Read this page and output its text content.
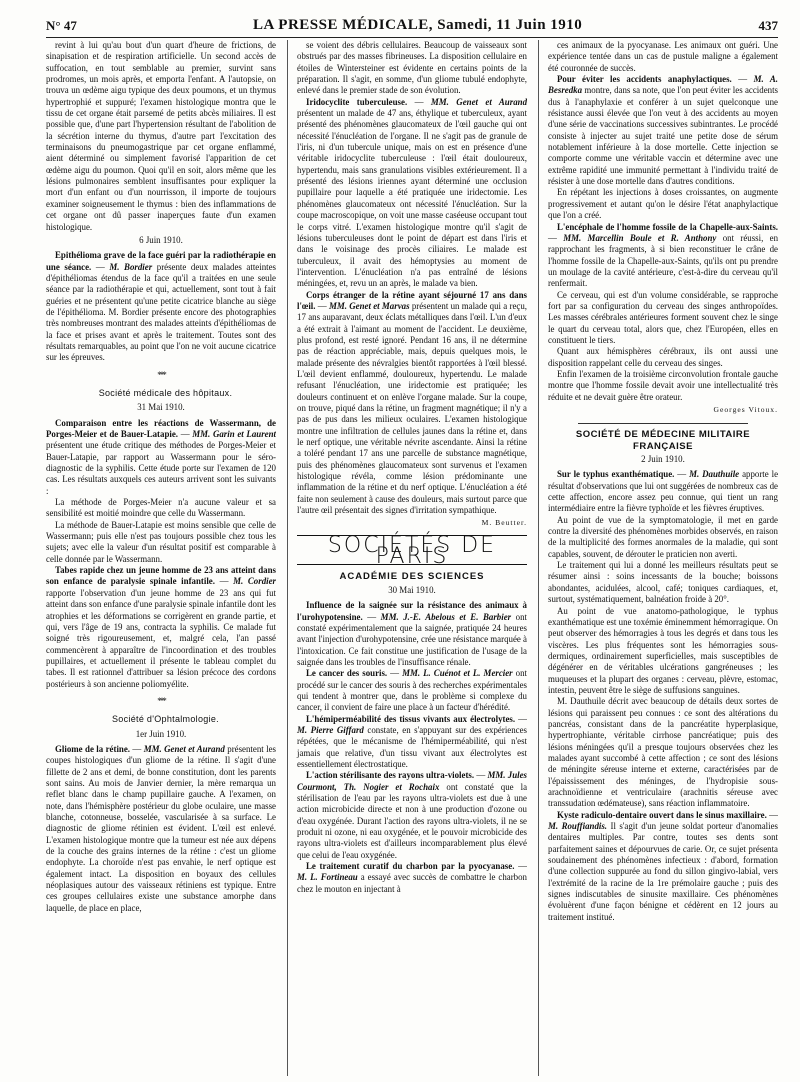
N° 47	LA PRESSE MÉDICALE, Samedi, 11 Juin 1910	437

revint à lui qu'au bout d'un quart d'heure de frictions, de sinapisation et de respiration artificielle. Un second accès de suffocation, en tout semblable au premier, survint sans prodromes, un mois après, et emporta l'enfant. A l'autopsie, on trouva un œdème aigu typique des deux poumons, et un thymus hypertrophié et suppuré; l'examen histologique montra que le tissu de cet organe était parsemé de petits abcès miliaires. Il est possible que, d'une part l'hypertension résultant de l'abolition de la sécrétion interne du thymus, d'autre part l'excitation des terminaisons du pneumogastrique par cet organe enflammé, aient déterminé ou simplement favorisé l'apparition de cet œdème aigu du poumon. Quoi qu'il en soit, alors même que les lésions pulmonaires semblent insuffisantes pour expliquer la mort d'un enfant ou d'un nourrisson, il importe de toujours examiner soigneusement le thymus : bien des inflammations de cet organe ont dû passer inaperçues faute d'un examen histologique.

6 Juin 1910.

Epithélioma grave de la face guéri par la radiothérapie en une séance. — M. Bordier présente deux malades atteintes d'épithéliomas étendus de la face qu'il a traitées en une seule séance par la radiothérapie et qui, actuellement, sont tout à fait guéries et ne présentent qu'une petite cicatrice blanche au siège de l'épithélioma. M. Bordier présente encore des photographies très nombreuses montrant des malades atteints d'épithéliomas de la face et prises avant et après le traitement. Toutes sont des résultats remarquables, au point que l'on ne voit aucune cicatrice sur les épreuves.

***

Société médicale des hôpitaux.

31 Mai 1910.

Comparaison entre les réactions de Wassermann, de Porges-Meier et de Bauer-Latapie. — MM. Garin et Laurent présentent une étude critique des méthodes de Porges-Meier et Bauer-Latapie, par rapport au Wassermann pour le séro-diagnostic de la syphilis. Cette étude porte sur l'examen de 120 cas. Les résultats auxquels ces auteurs arrivent sont les suivants :

La méthode de Porges-Meier n'a aucune valeur et sa sensibilité est moitié moindre que celle du Wassermann.

La méthode de Bauer-Latapie est moins sensible que celle de Wassermann; puis elle n'est pas toujours possible chez tous les sujets; avec elle la valeur d'un résultat positif est comparable à celle donnée par le Wassermann.

Tabes rapide chez un jeune homme de 23 ans atteint dans son enfance de paralysie spinale infantile. — M. Cordier rapporte l'observation d'un jeune homme de 23 ans qui fut atteint dans son enfance d'une paralysie spinale infantile dont les atrophies et les déformations se corrigèrent en grande partie, et qui, vers l'âge de 19 ans, contracta la syphilis. Ce malade fut soigné très rigoureusement, et, malgré cela, l'an passé commencèrent à apparaître de l'incoordination et des troubles pupillaires, et actuellement il présente le tableau complet du tabes. Il est rationnel d'attribuer sa lésion précoce des cordons postérieurs à son ancienne poliomyélite.

***

Société d'Ophtalmologie.

1er Juin 1910.

Gliome de la rétine. — MM. Genet et Aurand présentent les coupes histologiques d'un gliome de la rétine. Il s'agit d'une fillette de 2 ans et demi, de bonne constitution, dont les parents sont sains. Au mois de Janvier dernier, la mère remarqua un reflet blanc dans le champ pupillaire gauche. A l'examen, on note, dans l'hémisphère postérieur du globe oculaire, une masse blanche, cotonneuse, bosselée, vascularisée à sa surface. Le diagnostic de gliome rétinien est évident. L'œil est enlevé. L'examen histologique montre que la tumeur est née aux dépens de la couche des grains internes de la rétine : c'est un gliome endophyte. La choroïde n'est pas envahie, le nerf optique est également intact. La disposition en boyaux des cellules néoplasiques autour des vaisseaux rétiniens est typique. Entre ces groupes cellulaires existe une substance amorphe dans laquelle, de place en place,

se voient des débris cellulaires. Beaucoup de vaisseaux sont obstrués par des masses fibrineuses. La disposition cellulaire en étoiles de Wintersteiner est évidente en certains points de la préparation. Il s'agit, en somme, d'un gliome tubulé endophyte, enlevé dans le premier stade de son évolution.

Iridocyclite tuberculeuse. — MM. Genet et Aurand présentent un malade de 47 ans, éthylique et tuberculeux, ayant présenté des phénomènes glaucomateux de l'œil gauche qui ont nécessité l'énucléation de l'organe. Il ne s'agit pas de granule de l'iris, ni d'un tubercule unique, mais on est en présence d'une véritable iridocyclite tuberculeuse : l'œil était douloureux, hypertendu, mais sans granulations visibles extérieurement. Il a présenté des lésions iriennes ayant déterminé une occlusion pupillaire pour laquelle a été pratiquée une iridectomie. Les phénomènes glaucomateux ont nécessité l'énucléation. Sur la coupe macroscopique, on voit une masse caséeuse occupant tout le corps vitré. L'examen histologique montre qu'il s'agit de lésions tuberculeuses dont le point de départ est dans l'iris et dans le voisinage des procès ciliaires. Le malade est tuberculeux, il avait des hémoptysies au moment de l'intervention. L'énucléation n'a pas entraîné de lésions méningées, et, revu un an après, le malade va bien.

Corps étranger de la rétine ayant séjourné 17 ans dans l'œil. — MM. Genet et Marvas présentent un malade qui a reçu, 17 ans auparavant, deux éclats métalliques dans l'œil. L'un d'eux a été extrait à l'aimant au moment de l'accident. Le deuxième, plus profond, est resté ignoré. Pendant 16 ans, il ne détermine pas de réaction appréciable, mais, depuis quelques mois, le malade présente des névralgies bientôt rapportées à l'œil blessé. L'œil devient enflammé, douloureux, hypertendu. Le malade refusant l'énucléation, une iridectomie est pratiquée; les douleurs continuent et on enlève l'organe malade. Sur la coupe, on trouve, piqué dans la rétine, un fragment magnétique; il n'y a pas de pus dans les milieux oculaires. L'examen histologique montre une infiltration de cellules jaunes dans la rétine et, dans le nerf optique, une véritable névrite ascendante. Ainsi la rétine a toléré pendant 17 ans une parcelle de substance magnétique, puis des phénomènes glaucomateux sont survenus et l'examen histologique révéla, comme lésion prédominante une inflammation de la rétine et du nerf optique. L'énucléation a été faite non seulement à cause des douleurs, mais surtout parce que l'autre œil présentait des signes d'irritation sympathique.

M. Beutter.
SOCIÉTÉS DE PARIS
ACADÉMIE DES SCIENCES

30 Mai 1910.

Influence de la saignée sur la résistance des animaux à l'urohypotensine. — MM. J.-E. Abelous et E. Barbier ont constaté expérimentalement que la saignée, pratiquée 24 heures avant l'injection d'urohypotensine, crée une résistance marquée à l'intoxication. Ce fait constitue une justification de l'usage de la saignée dans les troubles de l'insuffisance rénale.

Le cancer des souris. — MM. L. Cuénot et L. Mercier ont procédé sur le cancer des souris à des recherches expérimentales qui tendent à montrer que, dans le problème si complexe du cancer, il convient de faire une place à un facteur d'hérédité.

L'hémiperméabilité des tissus vivants aux électrolytes. — M. Pierre Giffard constate, en s'appuyant sur des expériences répétées, que le mécanisme de l'hémiperméabilité, qui n'est jamais que relative, d'un tissu vivant aux électrolytes est essentiellement électrostatique.

L'action stérilisante des rayons ultra-violets. — MM. Jules Courmont, Th. Nogier et Rochaix ont constaté que la stérilisation de l'eau par les rayons ultra-violets est due à une action microbicide directe et non à une production d'ozone ou d'eau oxygénée. Durant l'action des rayons ultra-violets, il ne se produit ni ozone, ni eau oxygénée, et le pouvoir microbicide des rayons ultra-violets est d'ailleurs incomparablement plus élevé que celui de l'eau oxygénée.

Le traitement curatif du charbon par la pyocyanase. — M. L. Fortineau a essayé avec succès de combattre le charbon chez le mouton en injectant à

ces animaux de la pyocyanase. Les animaux ont guéri. Une expérience tentée dans un cas de pustule maligne a également été couronnée de succès.

Pour éviter les accidents anaphylactiques. — M. A. Besredka montre, dans sa note, que l'on peut éviter les accidents dus à l'anaphylaxie et conférer à un sujet quelconque une résistance aussi élevée que l'on veut à des accidents au moyen d'une série de vaccinations successives subintrantes. Le procédé consiste à injecter au sujet traité une petite dose de sérum notablement inférieure à la dose mortelle. Cette injection se comporte comme une véritable vaccin et détermine avec une extrême rapidité une immunité permettant à l'individu traité de résister à une dose mortelle dans d'autres conditions.

En répétant les injections à doses croissantes, on augmente progressivement et autant qu'on le désire l'état anaphylactique que l'on a créé.

L'encéphale de l'homme fossile de la Chapelle-aux-Saints. — MM. Marcellin Boule et R. Anthony ont réussi, en rapprochant les fragments, à si bien reconstituer le crâne de l'homme fossile de la Chapelle-aux-Saints, qu'ils ont pu prendre un moulage de la cavité antérieure, c'est-à-dire du cerveau qu'il renfermait.

Ce cerveau, qui est d'un volume considérable, se rapproche fort par sa configuration du cerveau des singes anthropoïdes. Les masses cérébrales antérieures forment souvent chez le singe le quart du cerveau total, alors que, chez l'Européen, elles en constituent le tiers.

Quant aux hémisphères cérébraux, ils ont aussi une disposition rappelant celle du cerveau des singes.

Enfin l'examen de la troisième circonvolution frontale gauche montre que l'homme fossile devait avoir une intellectualité très réduite et ne devait guère être orateur.

Georges Vitoux.
SOCIÉTÉ DE MÉDECINE MILITAIRE FRANÇAISE

2 Juin 1910.

Sur le typhus exanthématique. — M. Dauthuile apporte le résultat d'observations que lui ont suggérées de nombreux cas de cette affection, encore assez peu connue, qui tient un rang intermédiaire entre la fièvre typhoïde et les fièvres éruptives.

Au point de vue de la symptomatologie, il met en garde contre la diversité des phénomènes morbides observés, en raison de la multiplicité des formes anormales de la maladie, qui sont capables, souvent, de dérouter le praticien non averti.

Le traitement qui lui a donné les meilleurs résultats peut se résumer ainsi : soins incessants de la bouche; boissons abondantes, acidulées, alcool, café; toniques cardiaques, et, surtout, systématiquement, balnéation froide à 20°.

Au point de vue anatomo-pathologique, le typhus exanthématique est une toxémie éminemment hémorragique. On peut observer des hémorragies à tous les degrés et dans tous les viscères. Les plus fréquentes sont les hémorragies sous-dermiques, ordinairement superficielles, mais susceptibles de dégénérer en de véritables ulcérations gangréneuses ; les muqueuses et la plupart des organes : cerveau, plèvre, estomac, intestin, peuvent être le siège de suffusions sanguines.

M. Dauthuile décrit avec beaucoup de détails deux sortes de lésions qui paraissent peu connues : ce sont des altérations du pancréas, consistant dans de la pancréatite hyperplasique, hypertrophiante, véritable cirrhose pancréatique; puis des lésions méningées qu'il a presque toujours observées chez les malades ayant succombé à cette affection ; ce sont des lésions de méningite séreuse interne et externe, caractérisées par de l'épaississement des méninges, de l'hydropisie sous-arachnoïdienne et ventriculaire (arachnitis séreuse avec transsudation œdémateuse), sans réaction inflammatoire.

Kyste radiculo-dentaire ouvert dans le sinus maxillaire. — M. Rouffiandis. Il s'agit d'un jeune soldat porteur d'anomalies dentaires multiples. Par contre, toutes ses dents sont parfaitement saines et dépourvues de carie. Or, ce sujet présenta soudainement des phénomènes infectieux : d'abord, formation d'une collection suppurée au fond du sillon gingivo-labial, vers l'extrémité de la racine de la 1re prémolaire gauche ; puis des signes indiscutables de sinusite maxillaire. Ces phénomènes évoluèrent d'une façon bénigne et cédèrent en 12 jours au traitement institué.
